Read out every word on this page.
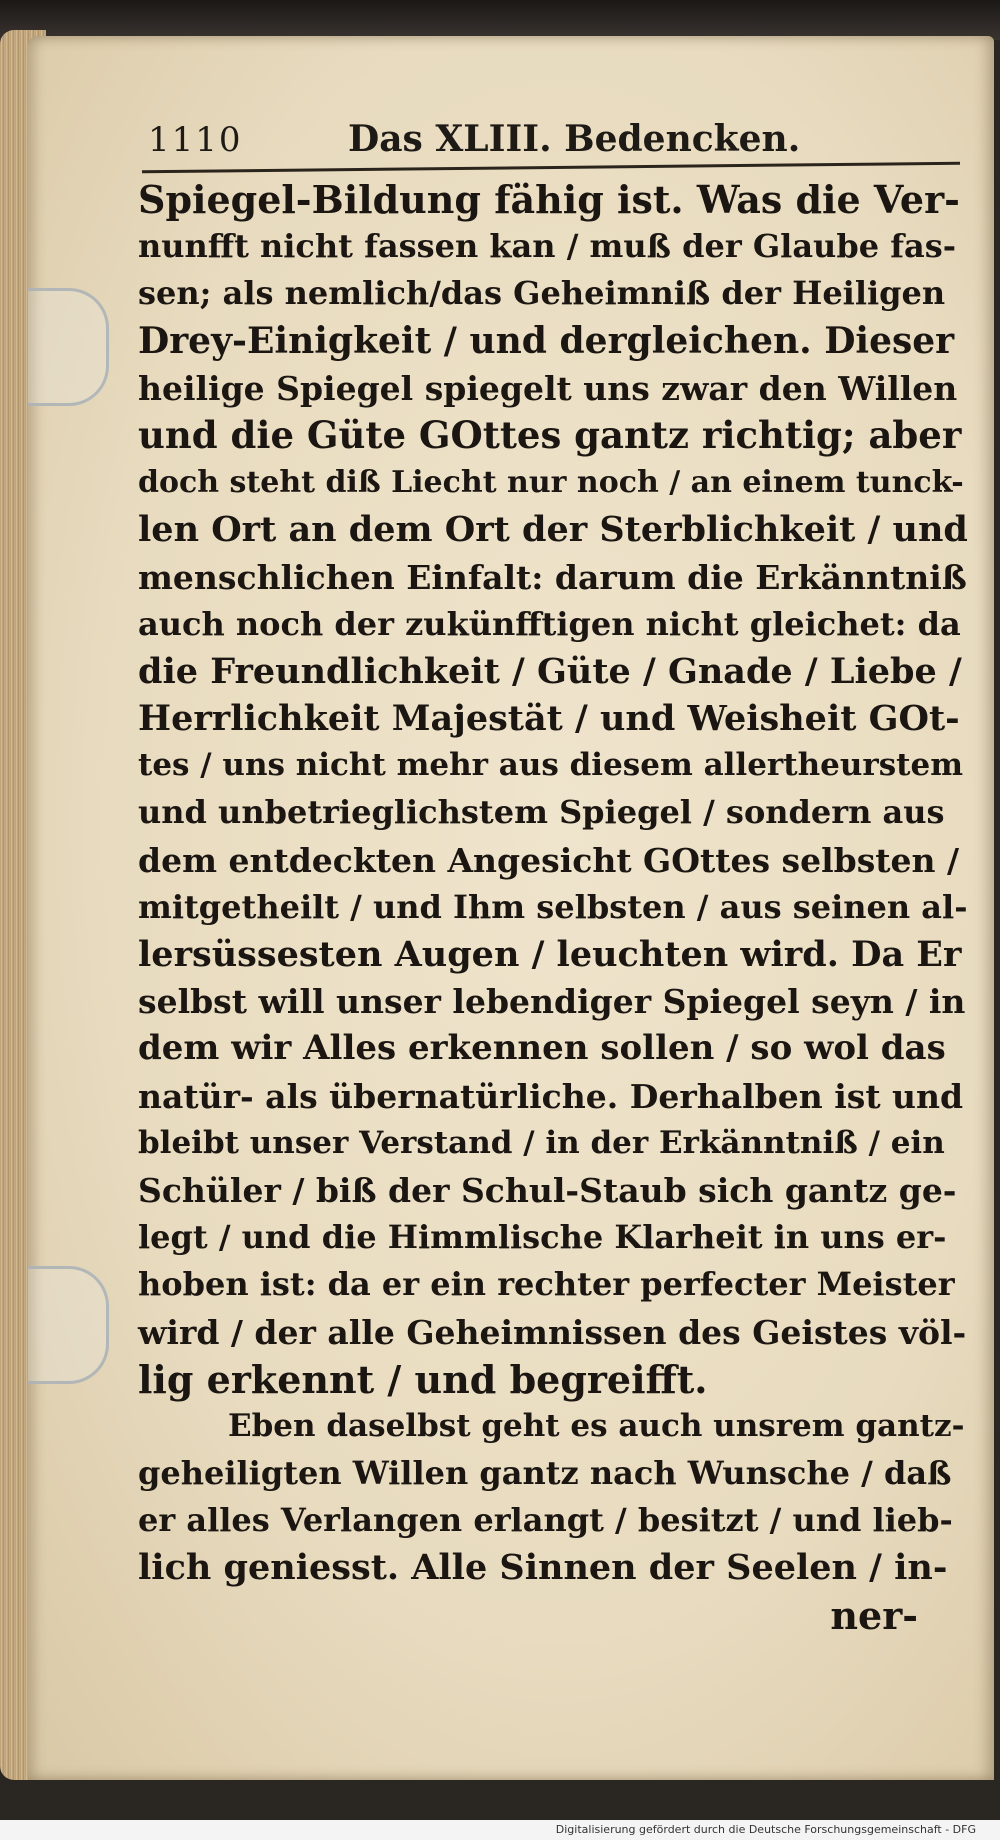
1110	Das XLIII. Bedencken.
Spiegel-Bildung fähig ist. Was die Ver-
nunfft nicht fassen kan / muß der Glaube fas-
sen; als nemlich/das Geheimniß der Heiligen
Drey-Einigkeit / und dergleichen. Dieser
heilige Spiegel spiegelt uns zwar den Willen
und die Güte GOttes gantz richtig; aber
doch steht diß Liecht nur noch / an einem tunck-
len Ort an dem Ort der Sterblichkeit / und
menschlichen Einfalt: darum die Erkänntniß
auch noch der zukünfftigen nicht gleichet: da
die Freundlichkeit / Güte / Gnade / Liebe /
Herrlichkeit Majestät / und Weisheit GOt-
tes / uns nicht mehr aus diesem allertheurstem
und unbetrieglichstem Spiegel / sondern aus
dem entdeckten Angesicht GOttes selbsten /
mitgetheilt / und Ihm selbsten / aus seinen al-
lersüssesten Augen / leuchten wird. Da Er
selbst will unser lebendiger Spiegel seyn / in
dem wir Alles erkennen sollen / so wol das
natür- als übernatürliche. Derhalben ist und
bleibt unser Verstand / in der Erkänntniß / ein
Schüler / biß der Schul-Staub sich gantz ge-
legt / und die Himmlische Klarheit in uns er-
hoben ist: da er ein rechter perfecter Meister
wird / der alle Geheimnissen des Geistes völ-
lig erkennt / und begreifft.
Eben daselbst geht es auch unsrem gantz-
geheiligten Willen gantz nach Wunsche / daß
er alles Verlangen erlangt / besitzt / und lieb-
lich geniesst. Alle Sinnen der Seelen / in-
ner-
Digitalisierung gefördert durch die Deutsche Forschungsgemeinschaft - DFG
